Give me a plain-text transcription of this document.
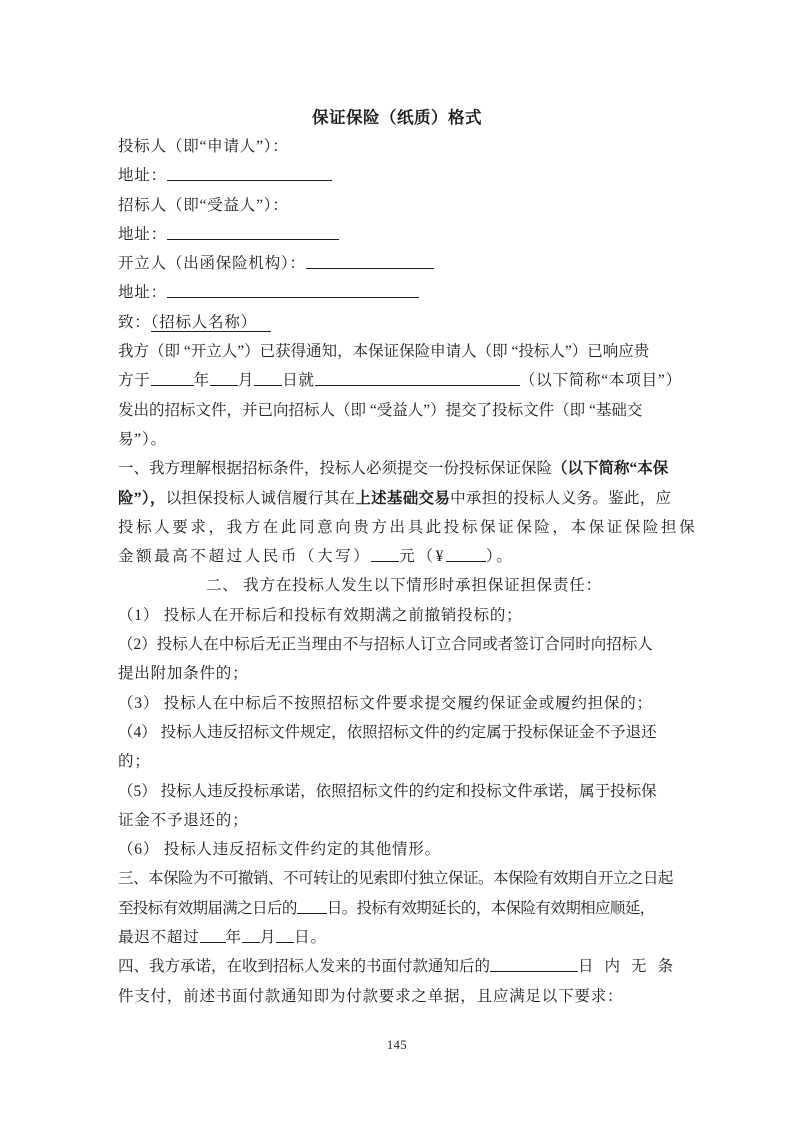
保证保险（纸质）格式
投标人（即“申请人”）：
地址：
招标人（即“受益人”）：
地址：
开立人（出函保险机构）：
地址：
致：（招标人名称）
我方（即 “开立人”）已获得通知，本保证保险申请人（即 “投标人”）已响应贵
方于	年 月 日就	（以下简称“本项目”）
发出的招标文件，并已向招标人（即 “受益人”）提交了投标文件（即 “基础交
易”）。
一、我方理解根据招标条件，投标人必须提交一份投标保证保险（以下简称“本保
险”），以担保投标人诚信履行其在上述基础交易中承担的投标人义务。鉴此，应
投标人要求，我方在此同意向贵方出具此投标保证保险，本保证保险担保
金额最高不超过人民币（大写） 元（¥	）。
二、 我方在投标人发生以下情形时承担保证担保责任：
（1） 投标人在开标后和投标有效期满之前撤销投标的；
（2）投标人在中标后无正当理由不与招标人订立合同或者签订合同时向招标人
提出附加条件的；
（3） 投标人在中标后不按照招标文件要求提交履约保证金或履约担保的；
（4） 投标人违反招标文件规定，依照招标文件的约定属于投标保证金不予退还
的；
（5） 投标人违反投标承诺，依照招标文件的约定和投标文件承诺，属于投标保
证金不予退还的；
（6） 投标人违反招标文件约定的其他情形。
三、本保险为不可撤销、不可转让的见索即付独立保证。本保险有效期自开立之日起
至投标有效期届满之日后的 日。投标有效期延长的，本保险有效期相应顺延，
最迟不超过 年 月 日。
四、我方承诺，在收到招标人发来的书面付款通知后的	日内无条
件支付，前述书面付款通知即为付款要求之单据，且应满足以下要求：
145
